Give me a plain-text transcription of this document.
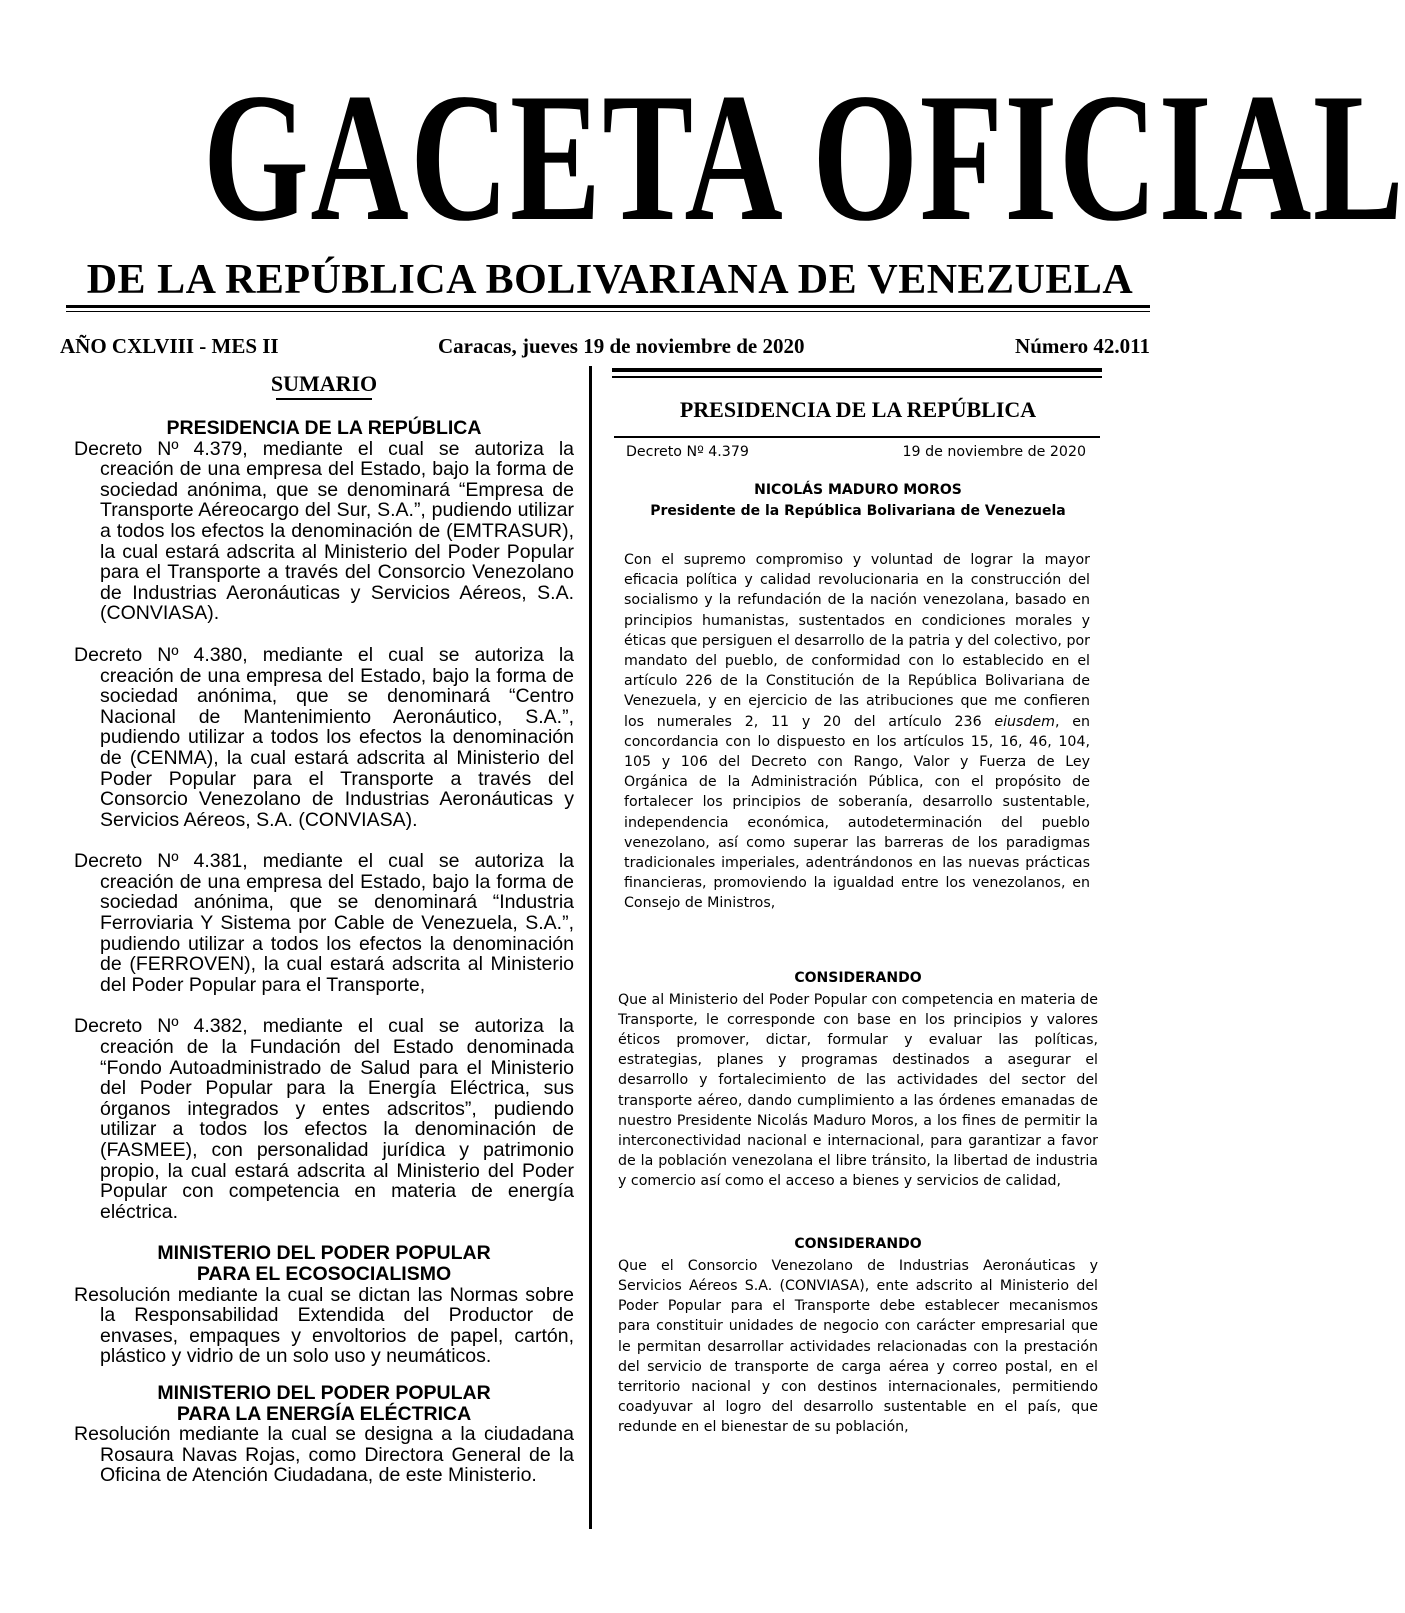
GACETA OFICIAL
DE LA REPÚBLICA BOLIVARIANA DE VENEZUELA
AÑO CXLVIII - MES II	Caracas, jueves 19 de noviembre de 2020	Número 42.011
SUMARIO
PRESIDENCIA DE LA REPÚBLICA
Decreto Nº 4.379, mediante el cual se autoriza la creación de una empresa del Estado, bajo la forma de sociedad anónima, que se denominará “Empresa de Transporte Aéreocargo del Sur, S.A.”, pudiendo utilizar a todos los efectos la denominación de (EMTRASUR), la cual estará adscrita al Ministerio del Poder Popular para el Transporte a través del Consorcio Venezolano de Industrias Aeronáuticas y Servicios Aéreos, S.A. (CONVIASA).
Decreto Nº 4.380, mediante el cual se autoriza la creación de una empresa del Estado, bajo la forma de sociedad anónima, que se denominará “Centro Nacional de Mantenimiento Aeronáutico, S.A.”, pudiendo utilizar a todos los efectos la denominación de (CENMA), la cual estará adscrita al Ministerio del Poder Popular para el Transporte a través del Consorcio Venezolano de Industrias Aeronáuticas y Servicios Aéreos, S.A. (CONVIASA).
Decreto Nº 4.381, mediante el cual se autoriza la creación de una empresa del Estado, bajo la forma de sociedad anónima, que se denominará “Industria Ferroviaria Y Sistema por Cable de Venezuela, S.A.”, pudiendo utilizar a todos los efectos la denominación de (FERROVEN), la cual estará adscrita al Ministerio del Poder Popular para el Transporte,
Decreto Nº 4.382, mediante el cual se autoriza la creación de la Fundación del Estado denominada “Fondo Autoadministrado de Salud para el Ministerio del Poder Popular para la Energía Eléctrica, sus órganos integrados y entes adscritos”, pudiendo utilizar a todos los efectos la denominación de (FASMEE), con personalidad jurídica y patrimonio propio, la cual estará adscrita al Ministerio del Poder Popular con competencia en materia de energía eléctrica.
MINISTERIO DEL PODER POPULAR
PARA EL ECOSOCIALISMO
Resolución mediante la cual se dictan las Normas sobre la Responsabilidad Extendida del Productor de envases, empaques y envoltorios de papel, cartón, plástico y vidrio de un solo uso y neumáticos.
MINISTERIO DEL PODER POPULAR
PARA LA ENERGÍA ELÉCTRICA
Resolución mediante la cual se designa a la ciudadana Rosaura Navas Rojas, como Directora General de la Oficina de Atención Ciudadana, de este Ministerio.
PRESIDENCIA DE LA REPÚBLICA
Decreto Nº 4.379	19 de noviembre de 2020
NICOLÁS MADURO MOROS
Presidente de la República Bolivariana de Venezuela
Con el supremo compromiso y voluntad de lograr la mayor eficacia política y calidad revolucionaria en la construcción del socialismo y la refundación de la nación venezolana, basado en principios humanistas, sustentados en condiciones morales y éticas que persiguen el desarrollo de la patria y del colectivo, por mandato del pueblo, de conformidad con lo establecido en el artículo 226 de la Constitución de la República Bolivariana de Venezuela, y en ejercicio de las atribuciones que me confieren los numerales 2, 11 y 20 del artículo 236 eiusdem, en concordancia con lo dispuesto en los artículos 15, 16, 46, 104, 105 y 106 del Decreto con Rango, Valor y Fuerza de Ley Orgánica de la Administración Pública, con el propósito de fortalecer los principios de soberanía, desarrollo sustentable, independencia económica, autodeterminación del pueblo venezolano, así como superar las barreras de los paradigmas tradicionales imperiales, adentrándonos en las nuevas prácticas financieras, promoviendo la igualdad entre los venezolanos, en Consejo de Ministros,
CONSIDERANDO
Que al Ministerio del Poder Popular con competencia en materia de Transporte, le corresponde con base en los principios y valores éticos promover, dictar, formular y evaluar las políticas, estrategias, planes y programas destinados a asegurar el desarrollo y fortalecimiento de las actividades del sector del transporte aéreo, dando cumplimiento a las órdenes emanadas de nuestro Presidente Nicolás Maduro Moros, a los fines de permitir la interconectividad nacional e internacional, para garantizar a favor de la población venezolana el libre tránsito, la libertad de industria y comercio así como el acceso a bienes y servicios de calidad,
CONSIDERANDO
Que el Consorcio Venezolano de Industrias Aeronáuticas y Servicios Aéreos S.A. (CONVIASA), ente adscrito al Ministerio del Poder Popular para el Transporte debe establecer mecanismos para constituir unidades de negocio con carácter empresarial que le permitan desarrollar actividades relacionadas con la prestación del servicio de transporte de carga aérea y correo postal, en el territorio nacional y con destinos internacionales, permitiendo coadyuvar al logro del desarrollo sustentable en el país, que redunde en el bienestar de su población,
